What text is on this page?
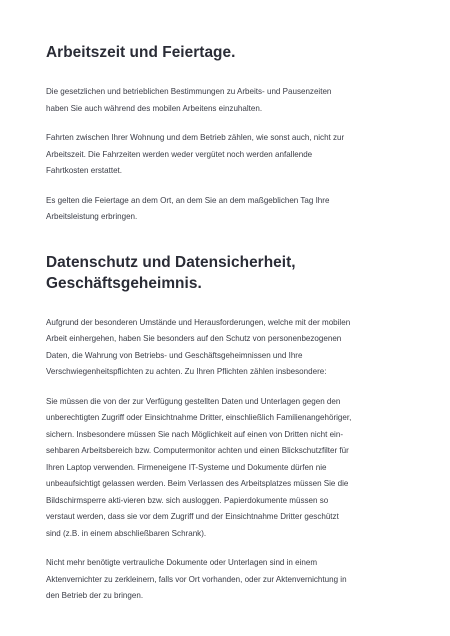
Arbeitszeit und Feiertage.

Die gesetzlichen und betrieblichen Bestimmungen zu Arbeits- und Pausenzeiten
haben Sie auch während des mobilen Arbeitens einzuhalten.

Fahrten zwischen Ihrer Wohnung und dem Betrieb zählen, wie sonst auch, nicht zur
Arbeitszeit. Die Fahrzeiten werden weder vergütet noch werden anfallende
Fahrtkosten erstattet.

Es gelten die Feiertage an dem Ort, an dem Sie an dem maßgeblichen Tag Ihre
Arbeitsleistung erbringen.

Datenschutz und Datensicherheit,
Geschäftsgeheimnis.

Aufgrund der besonderen Umstände und Herausforderungen, welche mit der mobilen
Arbeit einhergehen, haben Sie besonders auf den Schutz von personenbezogenen
Daten, die Wahrung von Betriebs- und Geschäftsgeheimnissen und Ihre
Verschwiegenheitspflichten zu achten. Zu Ihren Pflichten zählen insbesondere:

Sie müssen die von der zur Verfügung gestellten Daten und Unterlagen gegen den
unberechtigten Zugriff oder Einsichtnahme Dritter, einschließlich Familienangehöriger,
sichern. Insbesondere müssen Sie nach Möglichkeit auf einen von Dritten nicht ein-
sehbaren Arbeitsbereich bzw. Computermonitor achten und einen Blickschutzfilter für
Ihren Laptop verwenden. Firmeneigene IT-Systeme und Dokumente dürfen nie
unbeaufsichtigt gelassen werden. Beim Verlassen des Arbeitsplatzes müssen Sie die
Bildschirmsperre akti-vieren bzw. sich ausloggen. Papierdokumente müssen so
verstaut werden, dass sie vor dem Zugriff und der Einsichtnahme Dritter geschützt
sind (z.B. in einem abschließbaren Schrank).

Nicht mehr benötigte vertrauliche Dokumente oder Unterlagen sind in einem
Aktenvernichter zu zerkleinern, falls vor Ort vorhanden, oder zur Aktenvernichtung in
den Betrieb der zu bringen.
